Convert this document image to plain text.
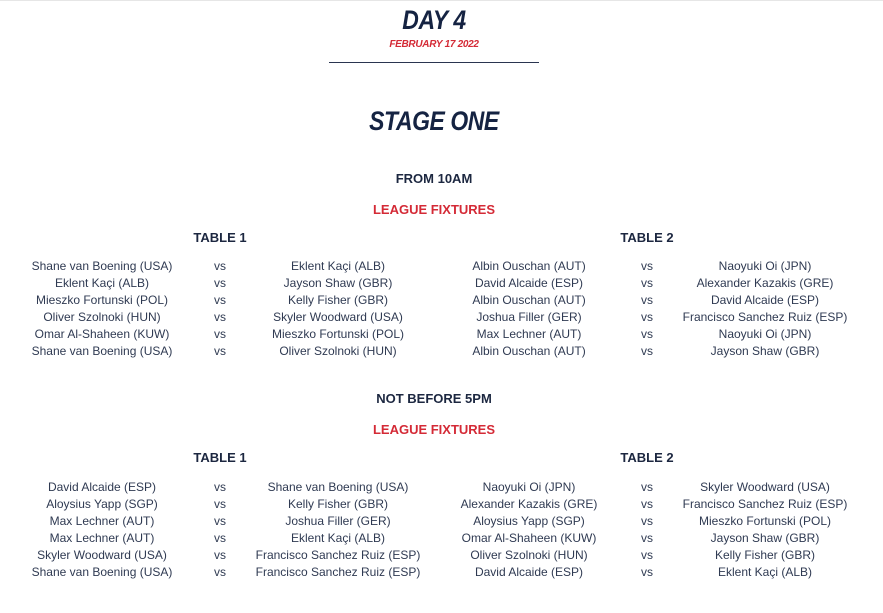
DAY 4
FEBRUARY 17 2022
STAGE ONE
FROM 10AM
LEAGUE FIXTURES
TABLE 1	TABLE 2
Shane van Boening (USA)	vs	Eklent Kaçi (ALB)	Albin Ouschan (AUT)	vs	Naoyuki Oi (JPN)
Eklent Kaçi (ALB)	vs	Jayson Shaw (GBR)	David Alcaide (ESP)	vs	Alexander Kazakis (GRE)
Mieszko Fortunski (POL)	vs	Kelly Fisher (GBR)	Albin Ouschan (AUT)	vs	David Alcaide (ESP)
Oliver Szolnoki (HUN)	vs	Skyler Woodward (USA)	Joshua Filler (GER)	vs	Francisco Sanchez Ruiz (ESP)
Omar Al-Shaheen (KUW)	vs	Mieszko Fortunski (POL)	Max Lechner (AUT)	vs	Naoyuki Oi (JPN)
Shane van Boening (USA)	vs	Oliver Szolnoki (HUN)	Albin Ouschan (AUT)	vs	Jayson Shaw (GBR)
NOT BEFORE 5PM
LEAGUE FIXTURES
TABLE 1	TABLE 2
David Alcaide (ESP)	vs	Shane van Boening (USA)	Naoyuki Oi (JPN)	vs	Skyler Woodward (USA)
Aloysius Yapp (SGP)	vs	Kelly Fisher (GBR)	Alexander Kazakis (GRE)	vs	Francisco Sanchez Ruiz (ESP)
Max Lechner (AUT)	vs	Joshua Filler (GER)	Aloysius Yapp (SGP)	vs	Mieszko Fortunski (POL)
Max Lechner (AUT)	vs	Eklent Kaçi (ALB)	Omar Al-Shaheen (KUW)	vs	Jayson Shaw (GBR)
Skyler Woodward (USA)	vs	Francisco Sanchez Ruiz (ESP)	Oliver Szolnoki (HUN)	vs	Kelly Fisher (GBR)
Shane van Boening (USA)	vs	Francisco Sanchez Ruiz (ESP)	David Alcaide (ESP)	vs	Eklent Kaçi (ALB)
